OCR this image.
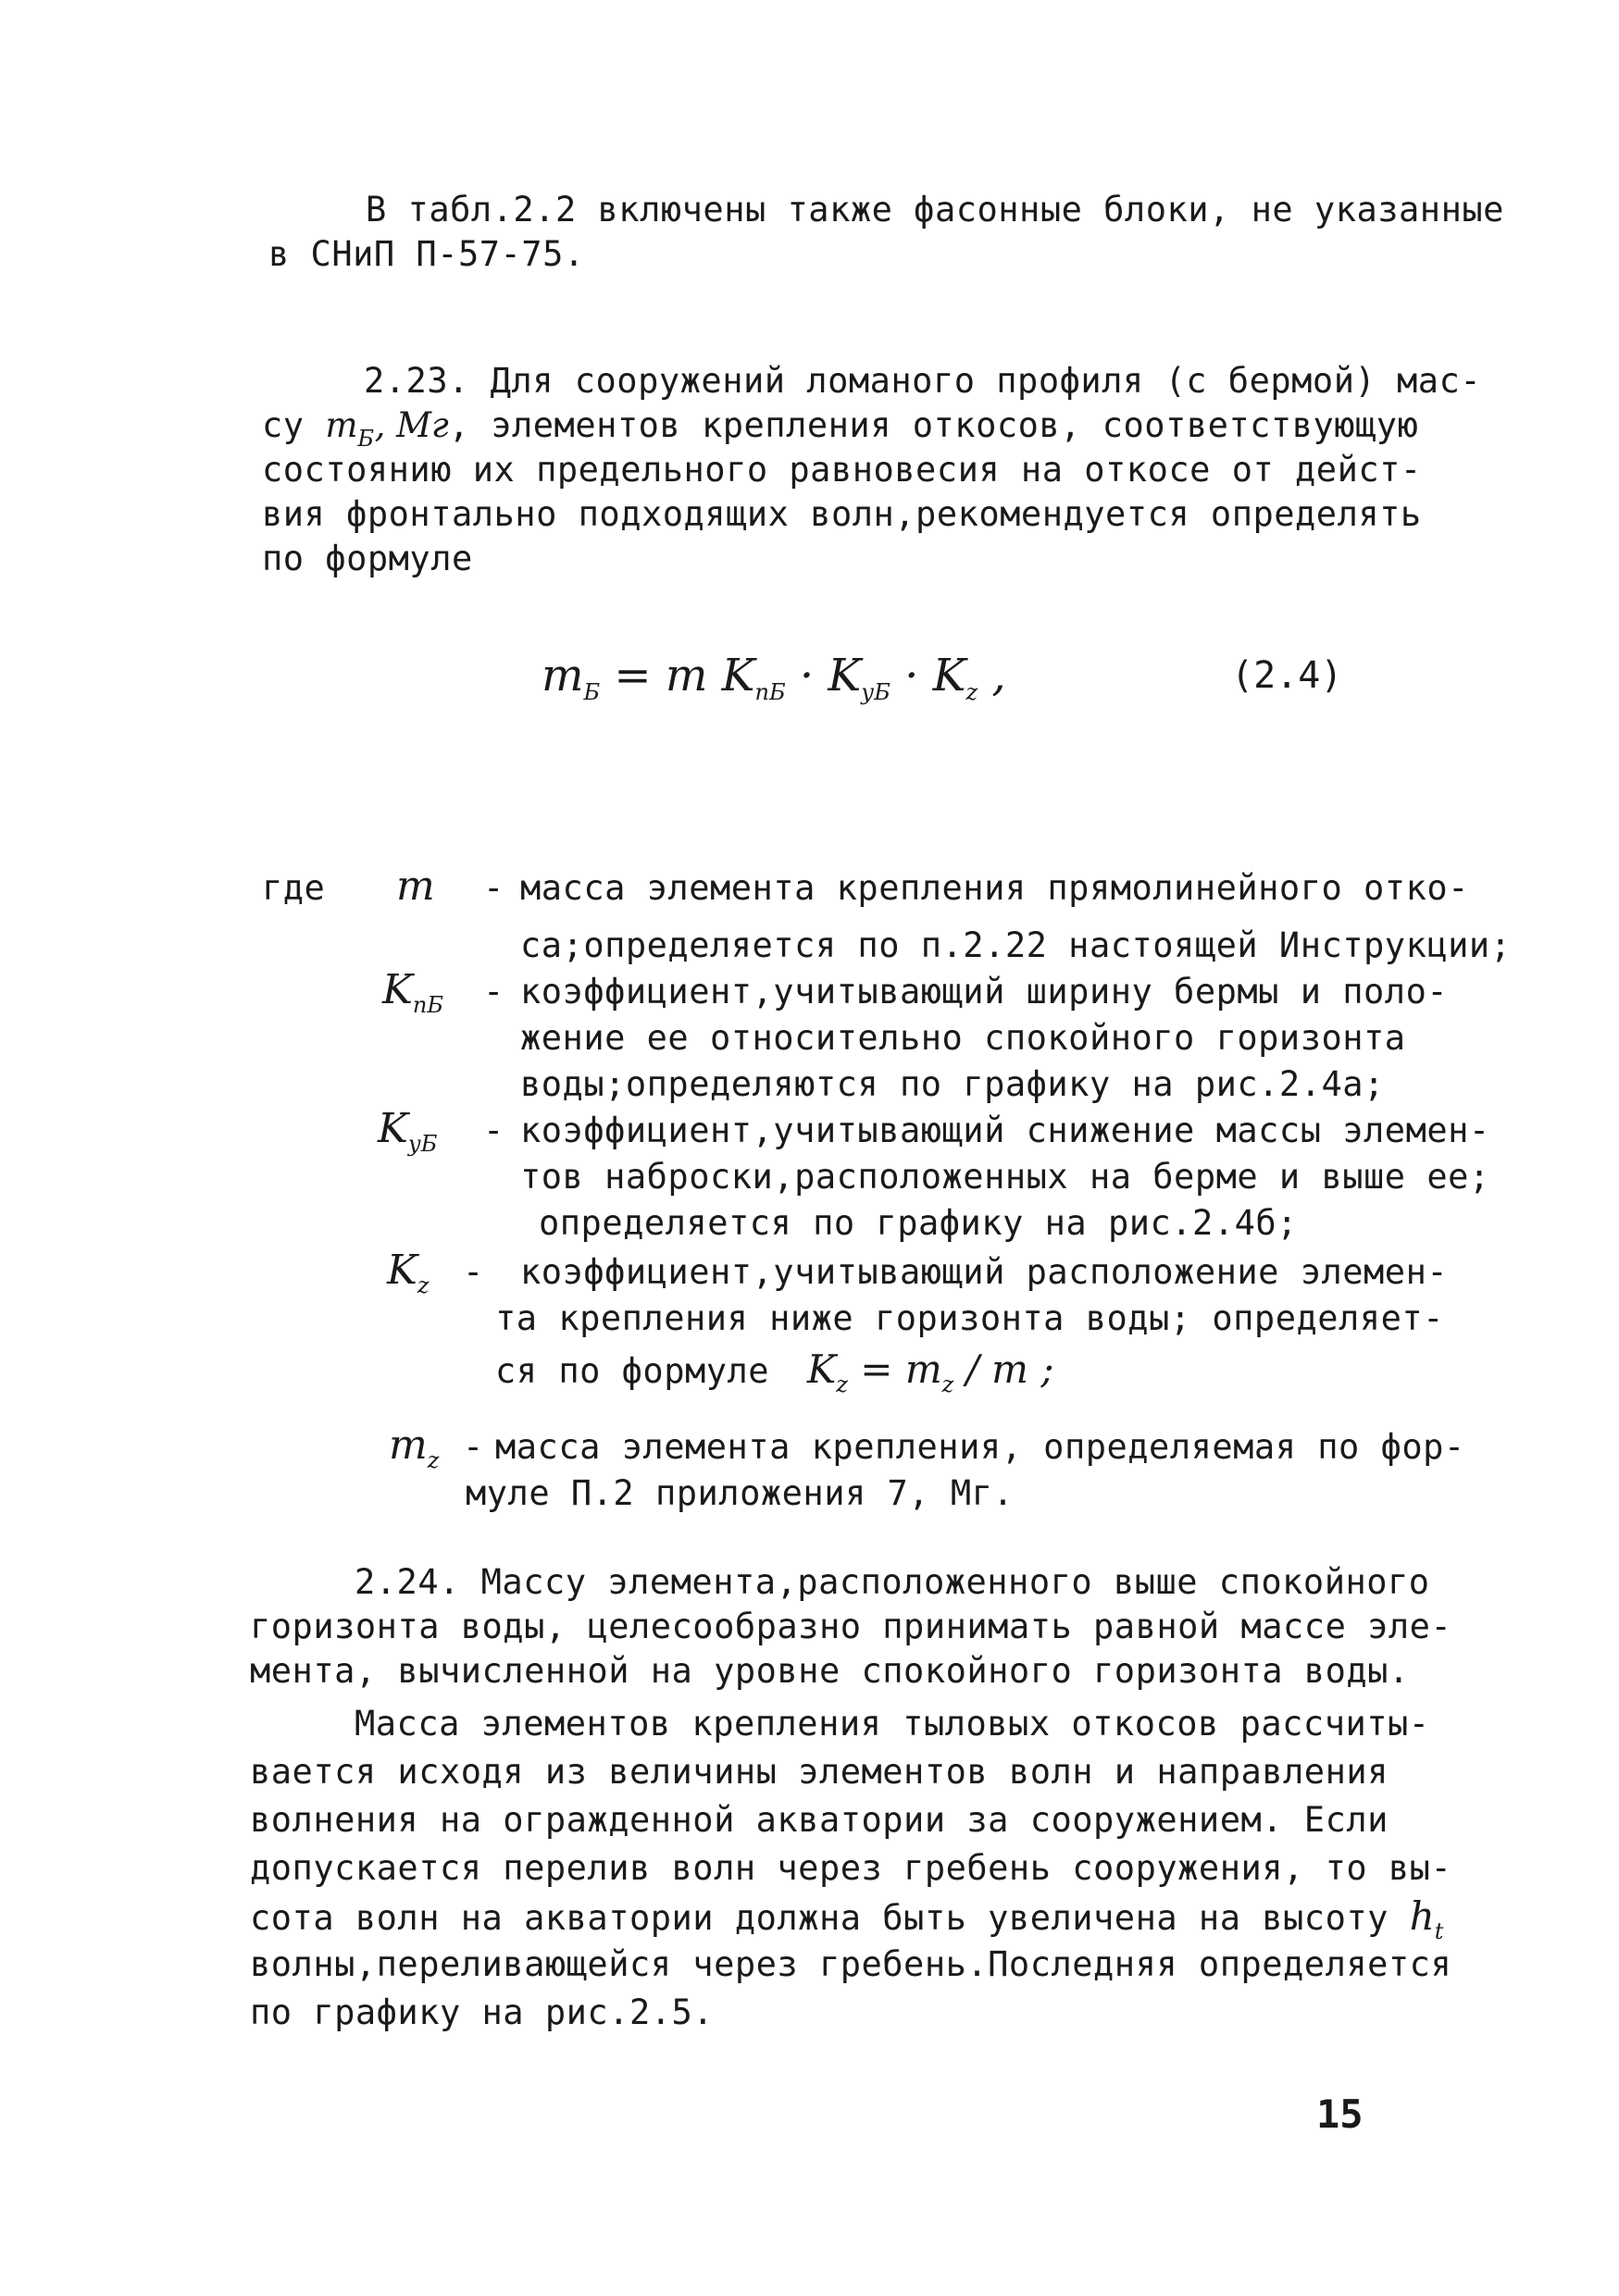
В табл.2.2 включены также фасонные блоки, не указанные
в СНиП П-57-75.
2.23. Для сооружений ломаного профиля (с бермой) мас-
су $m_Б$, Мг, элементов крепления откосов, соответствующую
состоянию их предельного равновесия на откосе от дейст-
вия фронтально подходящих волн,рекомендуется определять
по формуле
$m_Б = m$ $K_{пБ} \cdot K_{уБ} \cdot K_z$ ,	(2.4)
где m - масса элемента крепления прямолинейного отко-
са;определяется по п.2.22 настоящей Инструкции;
$K_{пБ}$ - коэффициент,учитывающий ширину бермы и поло-
жение ее относительно спокойного горизонта
воды;определяются по графику на рис.2.4а;
$K_{уБ}$ - коэффициент,учитывающий снижение массы элемен-
тов наброски,расположенных на берме и выше ее;
определяется по графику на рис.2.4б;
$K_z$ - коэффициент,учитывающий расположение элемен-
та крепления ниже горизонта воды; определяет-
ся по формуле $K_z = m_z / m$ ;
$m_z$ - масса элемента крепления, определяемая по фор-
муле П.2 приложения 7, Мг.
2.24. Массу элемента,расположенного выше спокойного
горизонта воды, целесообразно принимать равной массе эле-
мента, вычисленной на уровне спокойного горизонта воды.
Масса элементов крепления тыловых откосов рассчиты-
вается исходя из величины элементов волн и направления
волнения на огражденной акватории за сооружением. Если
допускается перелив волн через гребень сооружения, то вы-
сота волн на акватории должна быть увеличена на высоту $h_t$
волны,переливающейся через гребень.Последняя определяется
по графику на рис.2.5.
15
